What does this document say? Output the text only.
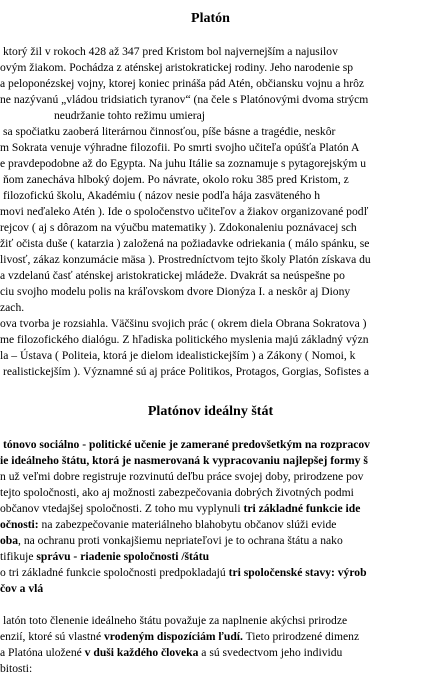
Platón
ktorý žil v rokoch 428 až 347 pred Kristom bol najvernejším a najusilov
ovým žiakom. Pochádza z aténskej aristokratickej rodiny. Jeho narodenie sp
a peloponézskej vojny, ktorej koniec prináša pád Atén, občiansku vojnu a hrôz
ne nazývanú „vládou tridsiatich tyranov“ (na čele s Platónovými dvoma strýcm
neudržanie tohto režimu umieraj
sa spočiatku zaoberá literárnou činnosťou, píše básne a tragédie, neskôr
m Sokrata venuje výhradne filozofii. Po smrti svojho učiteľa opúšťa Platón A
e pravdepodobne až do Egypta. Na juhu Itálie sa zoznamuje s pytagorejským u
ňom zanecháva hlboký dojem. Po návrate, okolo roku 385 pred Kristom, z
filozofickú školu, Akadémiu ( názov nesie podľa hája zasväteného h
movi neďaleko Atén ). Ide o spoločenstvo učiteľov a žiakov organizované podľ
rejcov ( aj s dôrazom na výučbu matematiky ). Zdokonaleniu poznávacej sch
žiť očista duše ( katarzia ) založená na požiadavke odriekania ( málo spánku, se
livosť, zákaz konzumácie mäsa ). Prostredníctvom tejto školy Platón získava du
a vzdelanú časť aténskej aristokratickej mládeže. Dvakrát sa neúspešne po
ciu svojho modelu polis na kráľovskom dvore Dionýza I. a neskôr aj Diony
zach.
ova tvorba je rozsiahla. Väčšinu svojich prác ( okrem diela Obrana Sokratova )
me filozofického dialógu. Z hľadiska politického myslenia majú základný význ
la – Ústava ( Politeia, ktorá je dielom idealistickejším ) a Zákony ( Nomoi, k
realistickejším ). Významné sú aj práce Politikos, Protagos, Gorgias, Sofistes a
Platónov ideálny štát
tónovo sociálno - politické učenie je zamerané predovšetkým na rozpracov
ie ideálneho štátu, ktorá je nasmerovaná k vypracovaniu najlepšej formy š
n už veľmi dobre registruje rozvinutú deľbu práce svojej doby, prirodzene pov
tejto spoločnosti, ako aj možnosti zabezpečovania dobrých životných podmi
občanov vtedajšej spoločnosti. Z toho mu vyplynuli tri základné funkcie ide
očnosti: na zabezpečovanie materiálneho blahobytu občanov slúži evide
oba, na ochranu proti vonkajšiemu nepriateľovi je to ochrana štátu a nako
tifikuje správu - riadenie spoločnosti /štátu
o tri základné funkcie spoločnosti predpokladajú tri spoločenské stavy: výrob
čov a vlá
latón toto členenie ideálneho štátu považuje za naplnenie akýchsi prirodze
enzií, ktoré sú vlastné vrodeným dispozíciám ľudí. Tieto prirodzené dimenz
a Platóna uložené v duši každého človeka a sú svedectvom jeho individu
bitosti:
